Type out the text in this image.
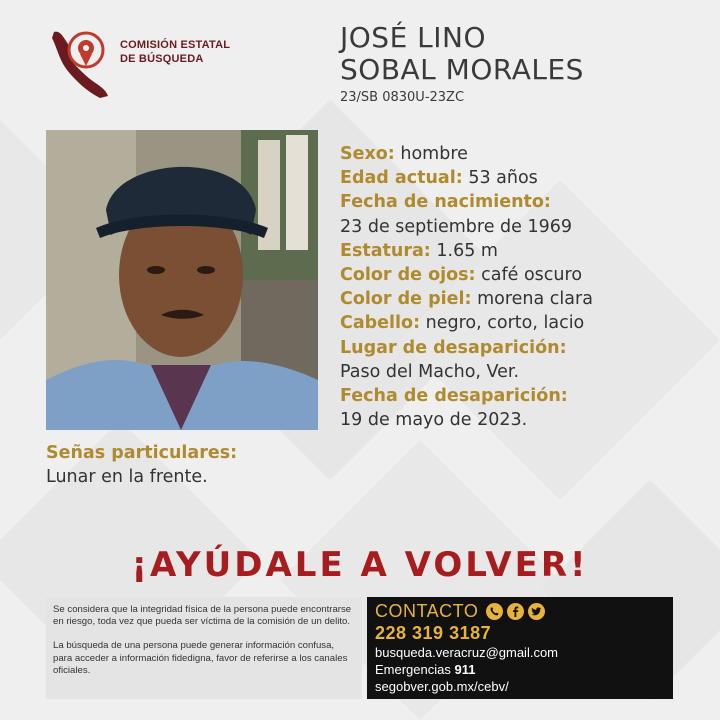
COMISIÓN ESTATAL
DE BÚSQUEDA
JOSÉ LINO
SOBAL MORALES
23/SB 0830U-23ZC
Sexo: hombre
Edad actual: 53 años
Fecha de nacimiento:
23 de septiembre de 1969
Estatura: 1.65 m
Color de ojos: café oscuro
Color de piel: morena clara
Cabello: negro, corto, lacio
Lugar de desaparición:
Paso del Macho, Ver.
Fecha de desaparición:
19 de mayo de 2023.
Señas particulares:
Lunar en la frente.
¡AYÚDALE A VOLVER!

Se considera que la integridad física de la persona puede encontrarse en riesgo, toda vez que pueda ser víctima de la comisión de un delito.

La búsqueda de una persona puede generar información confusa, para acceder a información fidedigna, favor de referirse a los canales oficiales.

CONTACTO
228 319 3187
busqueda.veracruz@gmail.com
Emergencias 911
segobver.gob.mx/cebv/
